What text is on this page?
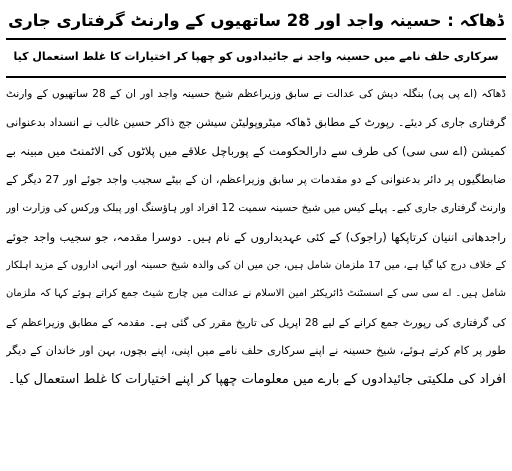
ڈھاکہ : حسینہ واجد اور 28 ساتھیوں کے وارنٹ گرفتاری جاری
سرکاری حلف نامے میں حسینہ واجد نے جائیدادوں کو چھپا کر اختیارات کا غلط استعمال کیا

ڈھاکہ (اے پی پی) بنگلہ دیش کی عدالت نے سابق وزیراعظم شیخ حسینہ واجد اور ان کے 28 ساتھیوں کے وارنٹ

گرفتاری جاری کر دیئے۔ رپورٹ کے مطابق ڈھاکہ میٹروپولیٹن سیشن جج ذاکر حسین غالب نے انسداد بدعنوانی

کمیشن (اے سی سی) کی طرف سے دارالحکومت کے پورباچل علاقے میں پلاٹوں کی الاٹمنٹ میں مبینہ بے

ضابطگیوں پر دائر بدعنوانی کے دو مقدمات پر سابق وزیراعظم، ان کے بیٹے سجیب واجد جوئے اور 27 دیگر کے

وارنٹ گرفتاری جاری کیے۔ پہلے کیس میں شیخ حسینہ سمیت 12 افراد اور ہاؤسنگ اور پبلک ورکس کی وزارت اور

راجدھانی اننیان کرتاپکھا (راجوک) کے کئی عہدیداروں کے نام ہیں۔ دوسرا مقدمہ، جو سجیب واجد جوئے

کے خلاف درج کیا گیا ہے، میں 17 ملزمان شامل ہیں، جن میں ان کی والدہ شیخ حسینہ اور انہی اداروں کے مزید اہلکار

شامل ہیں۔ اے سی سی کے اسسٹنٹ ڈائریکٹر امین الاسلام نے عدالت میں چارج شیٹ جمع کراتے ہوئے کہا کہ ملزمان

کی گرفتاری کی رپورٹ جمع کرانے کے لیے 28 اپریل کی تاریخ مقرر کی گئی ہے۔ مقدمہ کے مطابق وزیراعظم کے

طور پر کام کرتے ہوئے، شیخ حسینہ نے اپنے سرکاری حلف نامے میں اپنی، اپنے بچوں، بہن اور خاندان کے دیگر

افراد کی ملکیتی جائیدادوں کے بارے میں معلومات چھپا کر اپنے اختیارات کا غلط استعمال کیا۔
